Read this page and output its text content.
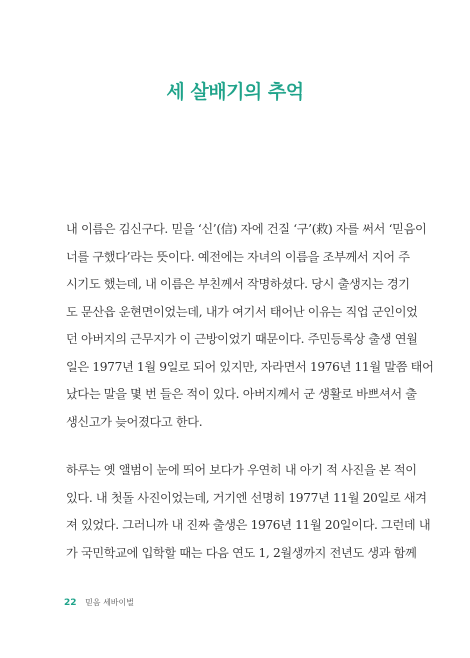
세 살배기의 추억

내 이름은 김신구다. 믿을 ‘신’(信) 자에 건질 ‘구’(救) 자를 써서 ‘믿음이

너를 구했다’라는 뜻이다. 예전에는 자녀의 이름을 조부께서 지어 주

시기도 했는데, 내 이름은 부친께서 작명하셨다. 당시 출생지는 경기

도 문산읍 운현면이었는데, 내가 여기서 태어난 이유는 직업 군인이었

던 아버지의 근무지가 이 근방이었기 때문이다. 주민등록상 출생 연월

일은 1977년 1월 9일로 되어 있지만, 자라면서 1976년 11월 말쯤 태어

났다는 말을 몇 번 들은 적이 있다. 아버지께서 군 생활로 바쁘셔서 출

생신고가 늦어졌다고 한다.

하루는 옛 앨범이 눈에 띄어 보다가 우연히 내 아기 적 사진을 본 적이

있다. 내 첫돌 사진이었는데, 거기엔 선명히 1977년 11월 20일로 새겨

져 있었다. 그러니까 내 진짜 출생은 1976년 11월 20일이다. 그런데 내

가 국민학교에 입학할 때는 다음 연도 1, 2월생까지 전년도 생과 함께

22 믿음 세바이벌
